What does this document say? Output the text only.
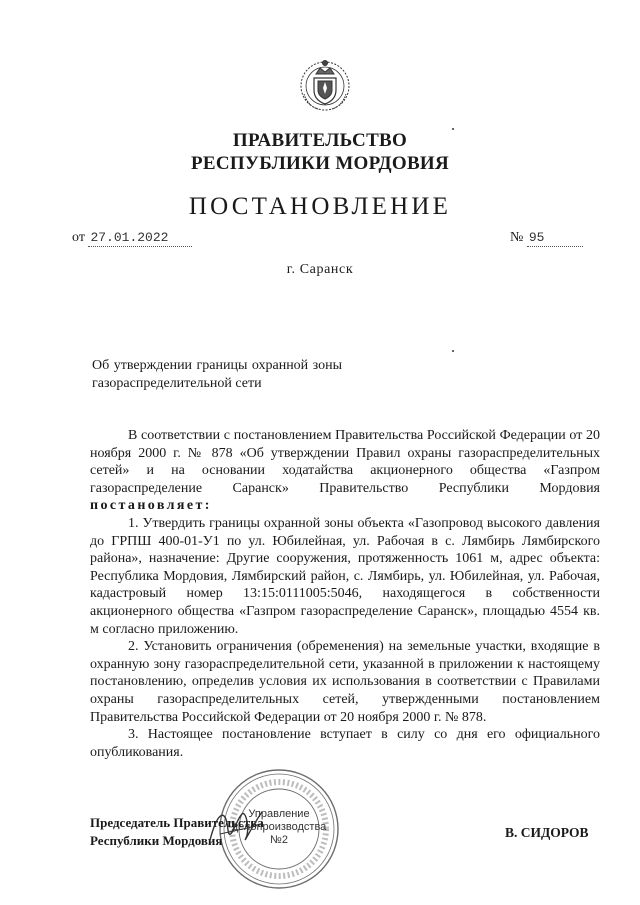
ПРАВИТЕЛЬСТВО
РЕСПУБЛИКИ МОРДОВИЯ
ПОСТАНОВЛЕНИЕ
от 27.01.2022	№ 95
г. Саранск
Об утверждении границы охранной зоны газораспределительной сети

В соответствии с постановлением Правительства Российской Федерации от 20 ноября 2000 г. № 878 «Об утверждении Правил охраны газораспределительных сетей» и на основании ходатайства акционерного общества «Газпром газораспределение Саранск» Правительство Республики Мордовия постановляет:

1. Утвердить границы охранной зоны объекта «Газопровод высокого давления до ГРПШ 400-01-У1 по ул. Юбилейная, ул. Рабочая в с. Лямбирь Лямбирского района», назначение: Другие сооружения, протяженность 1061 м, адрес объекта: Республика Мордовия, Лямбирский район, с. Лямбирь, ул. Юбилейная, ул. Рабочая, кадастровый номер 13:15:0111005:5046, находящегося в собственности акционерного общества «Газпром газораспределение Саранск», площадью 4554 кв. м согласно приложению.

2. Установить ограничения (обременения) на земельные участки, входящие в охранную зону газораспределительной сети, указанной в приложении к настоящему постановлению, определив условия их использования в соответствии с Правилами охраны газораспределительных сетей, утвержденными постановлением Правительства Российской Федерации от 20 ноября 2000 г. № 878.

3. Настоящее постановление вступает в силу со дня его официального опубликования.

Управление
делопроизводства
№2
Председатель Правительства
Республики Мордовия
В. СИДОРОВ
